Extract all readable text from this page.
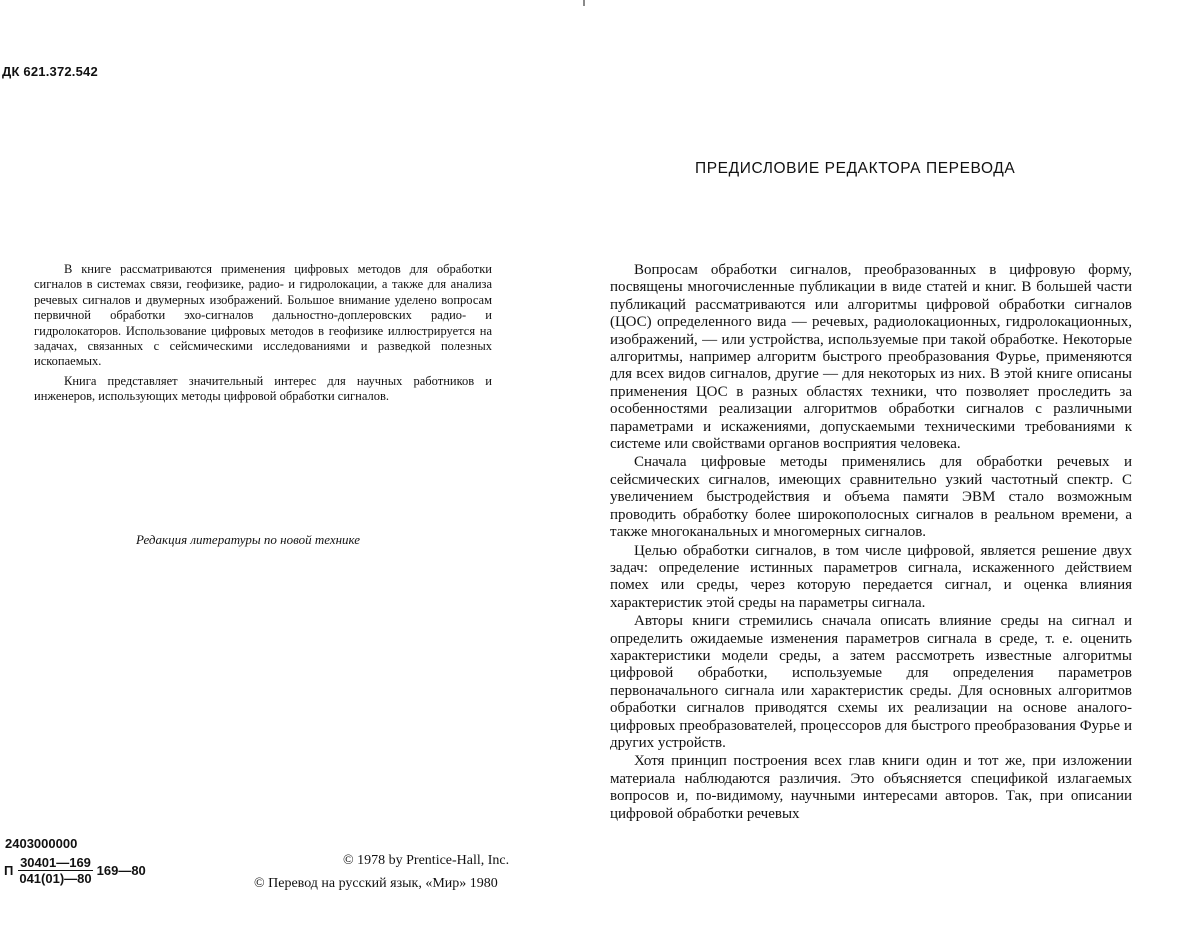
ДК 621.372.542

В книге рассматриваются применения цифровых методов для обработки сигналов в системах связи, геофизике, радио- и гидролокации, а также для анализа речевых сигналов и двумерных изображений. Большое внимание уделено вопросам первичной обработки эхо-сигналов дальностно-доплеровских радио- и гидролокаторов. Использование цифровых методов в геофизике иллюстрируется на задачах, связанных с сейсмическими исследованиями и разведкой полезных ископаемых.

Книга представляет значительный интерес для научных работников и инженеров, использующих методы цифровой обработки сигналов.

Редакция литературы по новой технике
2403000000
П $\frac{30401—169}{041(01)—80}$ 169—80
© 1978 by Prentice-Hall, Inc.
© Перевод на русский язык, «Мир» 1980
ПРЕДИСЛОВИЕ РЕДАКТОРА ПЕРЕВОДА

Вопросам обработки сигналов, преобразованных в цифровую форму, посвящены многочисленные публикации в виде статей и книг. В большей части публикаций рассматриваются или алгоритмы цифровой обработки сигналов (ЦОС) определенного вида — речевых, радиолокационных, гидролокационных, изображений, — или устройства, используемые при такой обработке. Некоторые алгоритмы, например алгоритм быстрого преобразования Фурье, применяются для всех видов сигналов, другие — для некоторых из них. В этой книге описаны применения ЦОС в разных областях техники, что позволяет проследить за особенностями реализации алгоритмов обработки сигналов с различными параметрами и искажениями, допускаемыми техническими требованиями к системе или свойствами органов восприятия человека.

Сначала цифровые методы применялись для обработки речевых и сейсмических сигналов, имеющих сравнительно узкий частотный спектр. С увеличением быстродействия и объема памяти ЭВМ стало возможным проводить обработку более широкополосных сигналов в реальном времени, а также многоканальных и многомерных сигналов.

Целью обработки сигналов, в том числе цифровой, является решение двух задач: определение истинных параметров сигнала, искаженного действием помех или среды, через которую передается сигнал, и оценка влияния характеристик этой среды на параметры сигнала.

Авторы книги стремились сначала описать влияние среды на сигнал и определить ожидаемые изменения параметров сигнала в среде, т. е. оценить характеристики модели среды, а затем рассмотреть известные алгоритмы цифровой обработки, используемые для определения параметров первоначального сигнала или характеристик среды. Для основных алгоритмов обработки сигналов приводятся схемы их реализации на основе аналого-цифровых преобразователей, процессоров для быстрого преобразования Фурье и других устройств.

Хотя принцип построения всех глав книги один и тот же, при изложении материала наблюдаются различия. Это объясняется спецификой излагаемых вопросов и, по-видимому, научными интересами авторов. Так, при описании цифровой обработки речевых
